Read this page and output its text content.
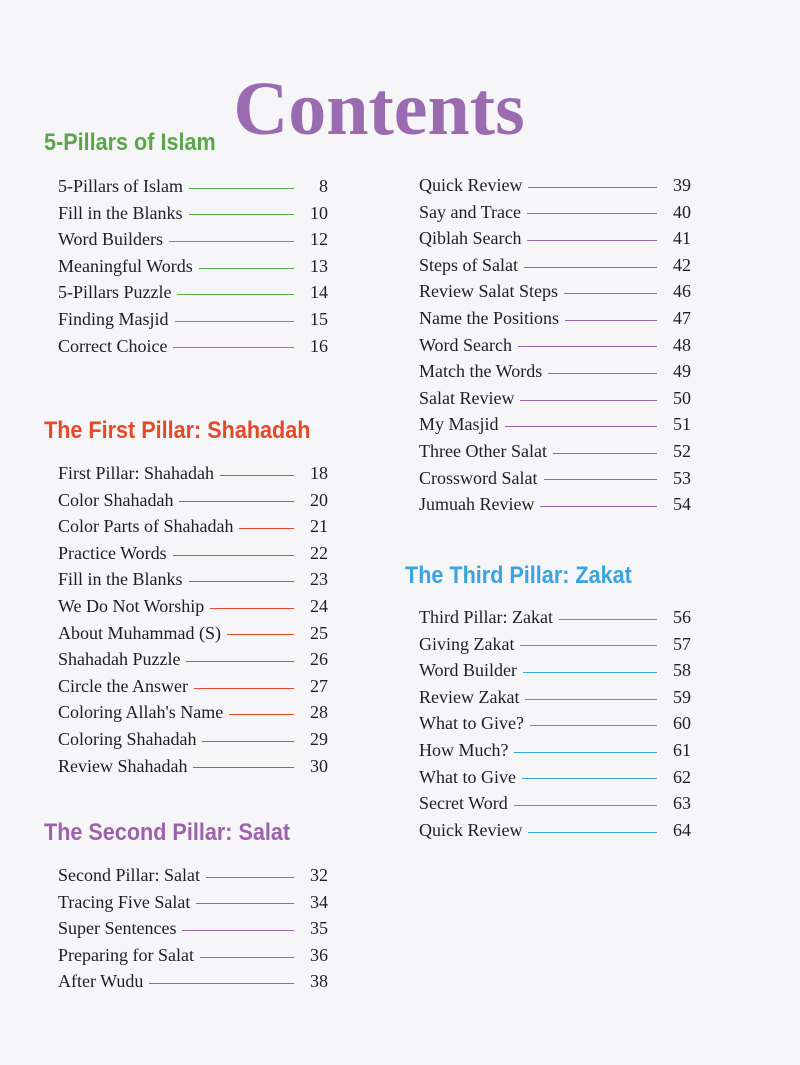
Contents
5-Pillars of Islam
5-Pillars of Islam	8
Fill in the Blanks	10
Word Builders	12
Meaningful Words	13
5-Pillars Puzzle	14
Finding Masjid	15
Correct Choice	16
The First Pillar: Shahadah
First Pillar: Shahadah	18
Color Shahadah	20
Color Parts of Shahadah	21
Practice Words	22
Fill in the Blanks	23
We Do Not Worship	24
About Muhammad (S)	25
Shahadah Puzzle	26
Circle the Answer	27
Coloring Allah's Name	28
Coloring Shahadah	29
Review Shahadah	30
The Second Pillar: Salat
Second Pillar: Salat	32
Tracing Five Salat	34
Super Sentences	35
Preparing for Salat	36
After Wudu	38
Quick Review	39
Say and Trace	40
Qiblah Search	41
Steps of Salat	42
Review Salat Steps	46
Name the Positions	47
Word Search	48
Match the Words	49
Salat Review	50
My Masjid	51
Three Other Salat	52
Crossword Salat	53
Jumuah Review	54
The Third Pillar: Zakat
Third Pillar: Zakat	56
Giving Zakat	57
Word Builder	58
Review Zakat	59
What to Give?	60
How Much?	61
What to Give	62
Secret Word	63
Quick Review	64
